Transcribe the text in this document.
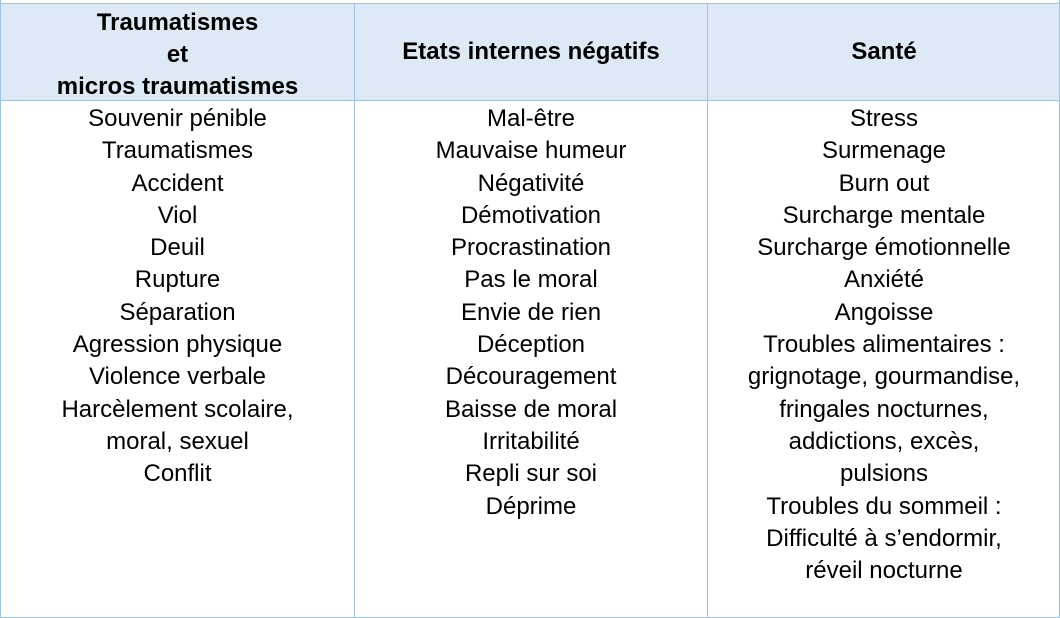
Traumatismes
et
micros traumatismes
Etats internes négatifs	Santé
Souvenir pénible
Traumatismes
Accident
Viol
Deuil
Rupture
Séparation
Agression physique
Violence verbale
Harcèlement scolaire,
moral, sexuel
Conflit
Mal-être
Mauvaise humeur
Négativité
Démotivation
Procrastination
Pas le moral
Envie de rien
Déception
Découragement
Baisse de moral
Irritabilité
Repli sur soi
Déprime
Stress
Surmenage
Burn out
Surcharge mentale
Surcharge émotionnelle
Anxiété
Angoisse
Troubles alimentaires :
grignotage, gourmandise,
fringales nocturnes,
addictions, excès,
pulsions
Troubles du sommeil :
Difficulté à s’endormir,
réveil nocturne
